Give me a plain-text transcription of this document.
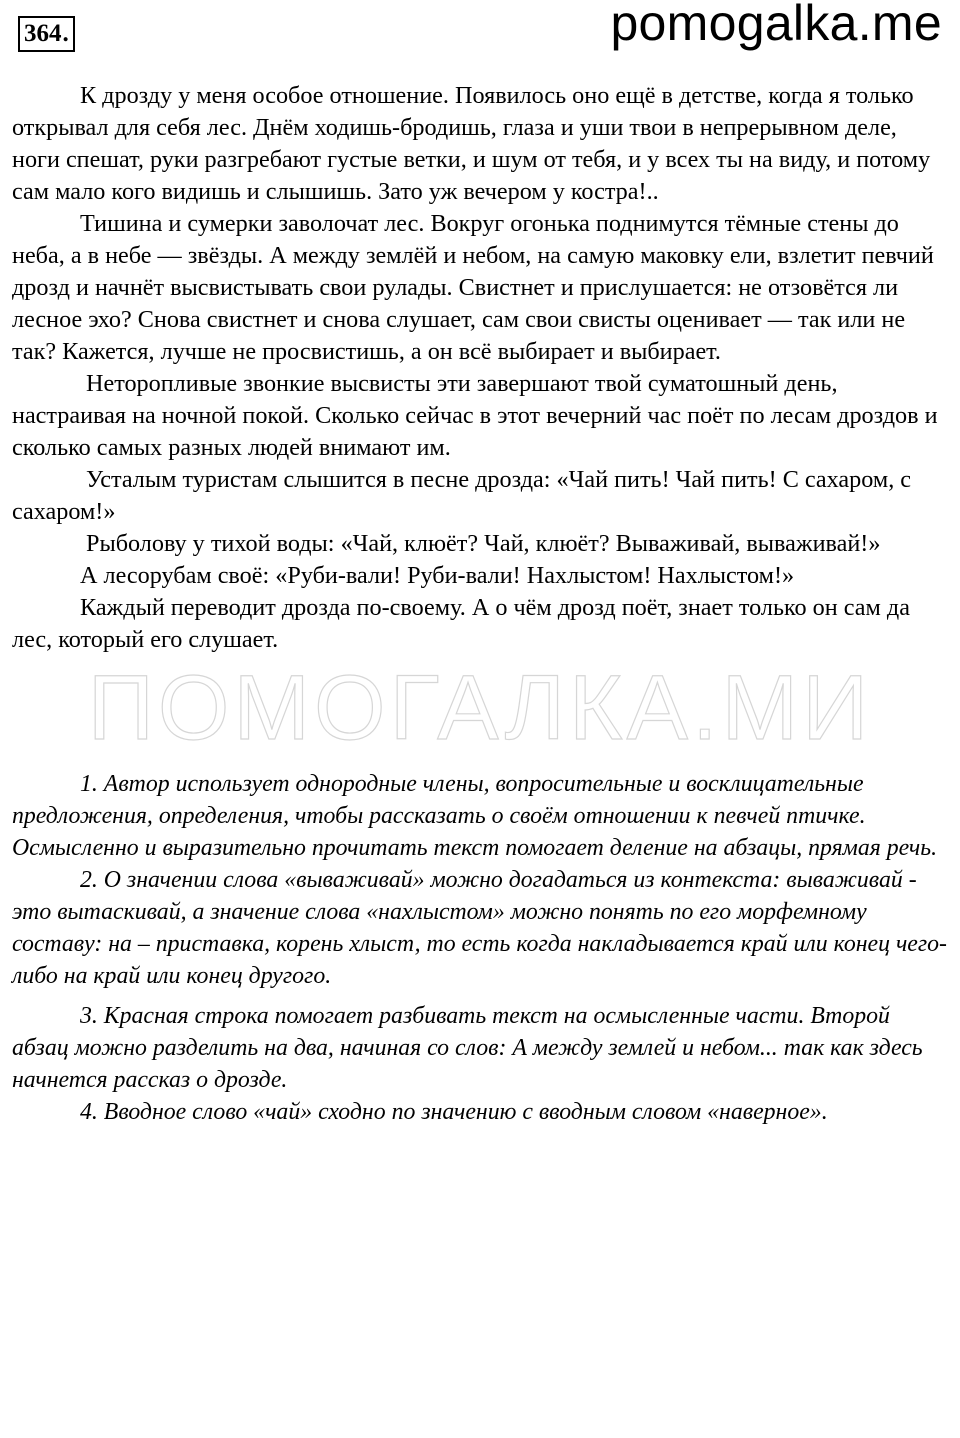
364.	pomogalka.me
ПОМОГАЛКА.МИ

К дрозду у меня особое отношение. Появилось оно ещё в детстве, когда я только открывал для себя лес. Днём ходишь-бродишь, глаза и уши твои в непрерывном деле, ноги спешат, руки разгребают густые ветки, и шум от тебя, и у всех ты на виду, и потому сам мало кого видишь и слышишь. Зато уж вечером у костра!..

Тишина и сумерки заволочат лес. Вокруг огонька поднимутся тёмные стены до неба, а в небе — звёзды. А между землёй и небом, на самую маковку ели, взлетит певчий дрозд и начнёт высвистывать свои рулады. Свистнет и прислушается: не отзовётся ли лесное эхо? Снова свистнет и снова слушает, сам свои свисты оценивает — так или не так? Кажется, лучше не просвистишь, а он всё выбирает и выбирает.

Неторопливые звонкие высвисты эти завершают твой суматошный день, настраивая на ночной покой. Сколько сейчас в этот вечерний час поёт по лесам дроздов и сколько самых разных людей внимают им.

Усталым туристам слышится в песне дрозда: «Чай пить! Чай пить! С сахаром, с сахаром!»

Рыболову у тихой воды: «Чай, клюёт? Чай, клюёт? Вываживай, вываживай!»

А лесорубам своё: «Руби-вали! Руби-вали! Нахлыстом! Нахлыстом!»

Каждый переводит дрозда по-своему. А о чём дрозд поёт, знает только он сам да лес, который его слушает.

1. Автор использует однородные члены, вопросительные и восклицательные предложения, определения, чтобы рассказать о своём отношении к певчей птичке. Осмысленно и выразительно прочитать текст помогает деление на абзацы, прямая речь.

2. О значении слова «вываживай» можно догадаться из контекста: вываживай - это вытаскивай, а значение слова «нахлыстом» можно понять по его морфемному составу: на – приставка, корень хлыст, то есть когда накладывается край или конец чего-либо на край или конец другого.

3. Красная строка помогает разбивать текст на осмысленные части. Второй абзац можно разделить на два, начиная со слов: А между землей и небом... так как здесь начнется рассказ о дрозде.

4. Вводное слово «чай» сходно по значению с вводным словом «наверное».
